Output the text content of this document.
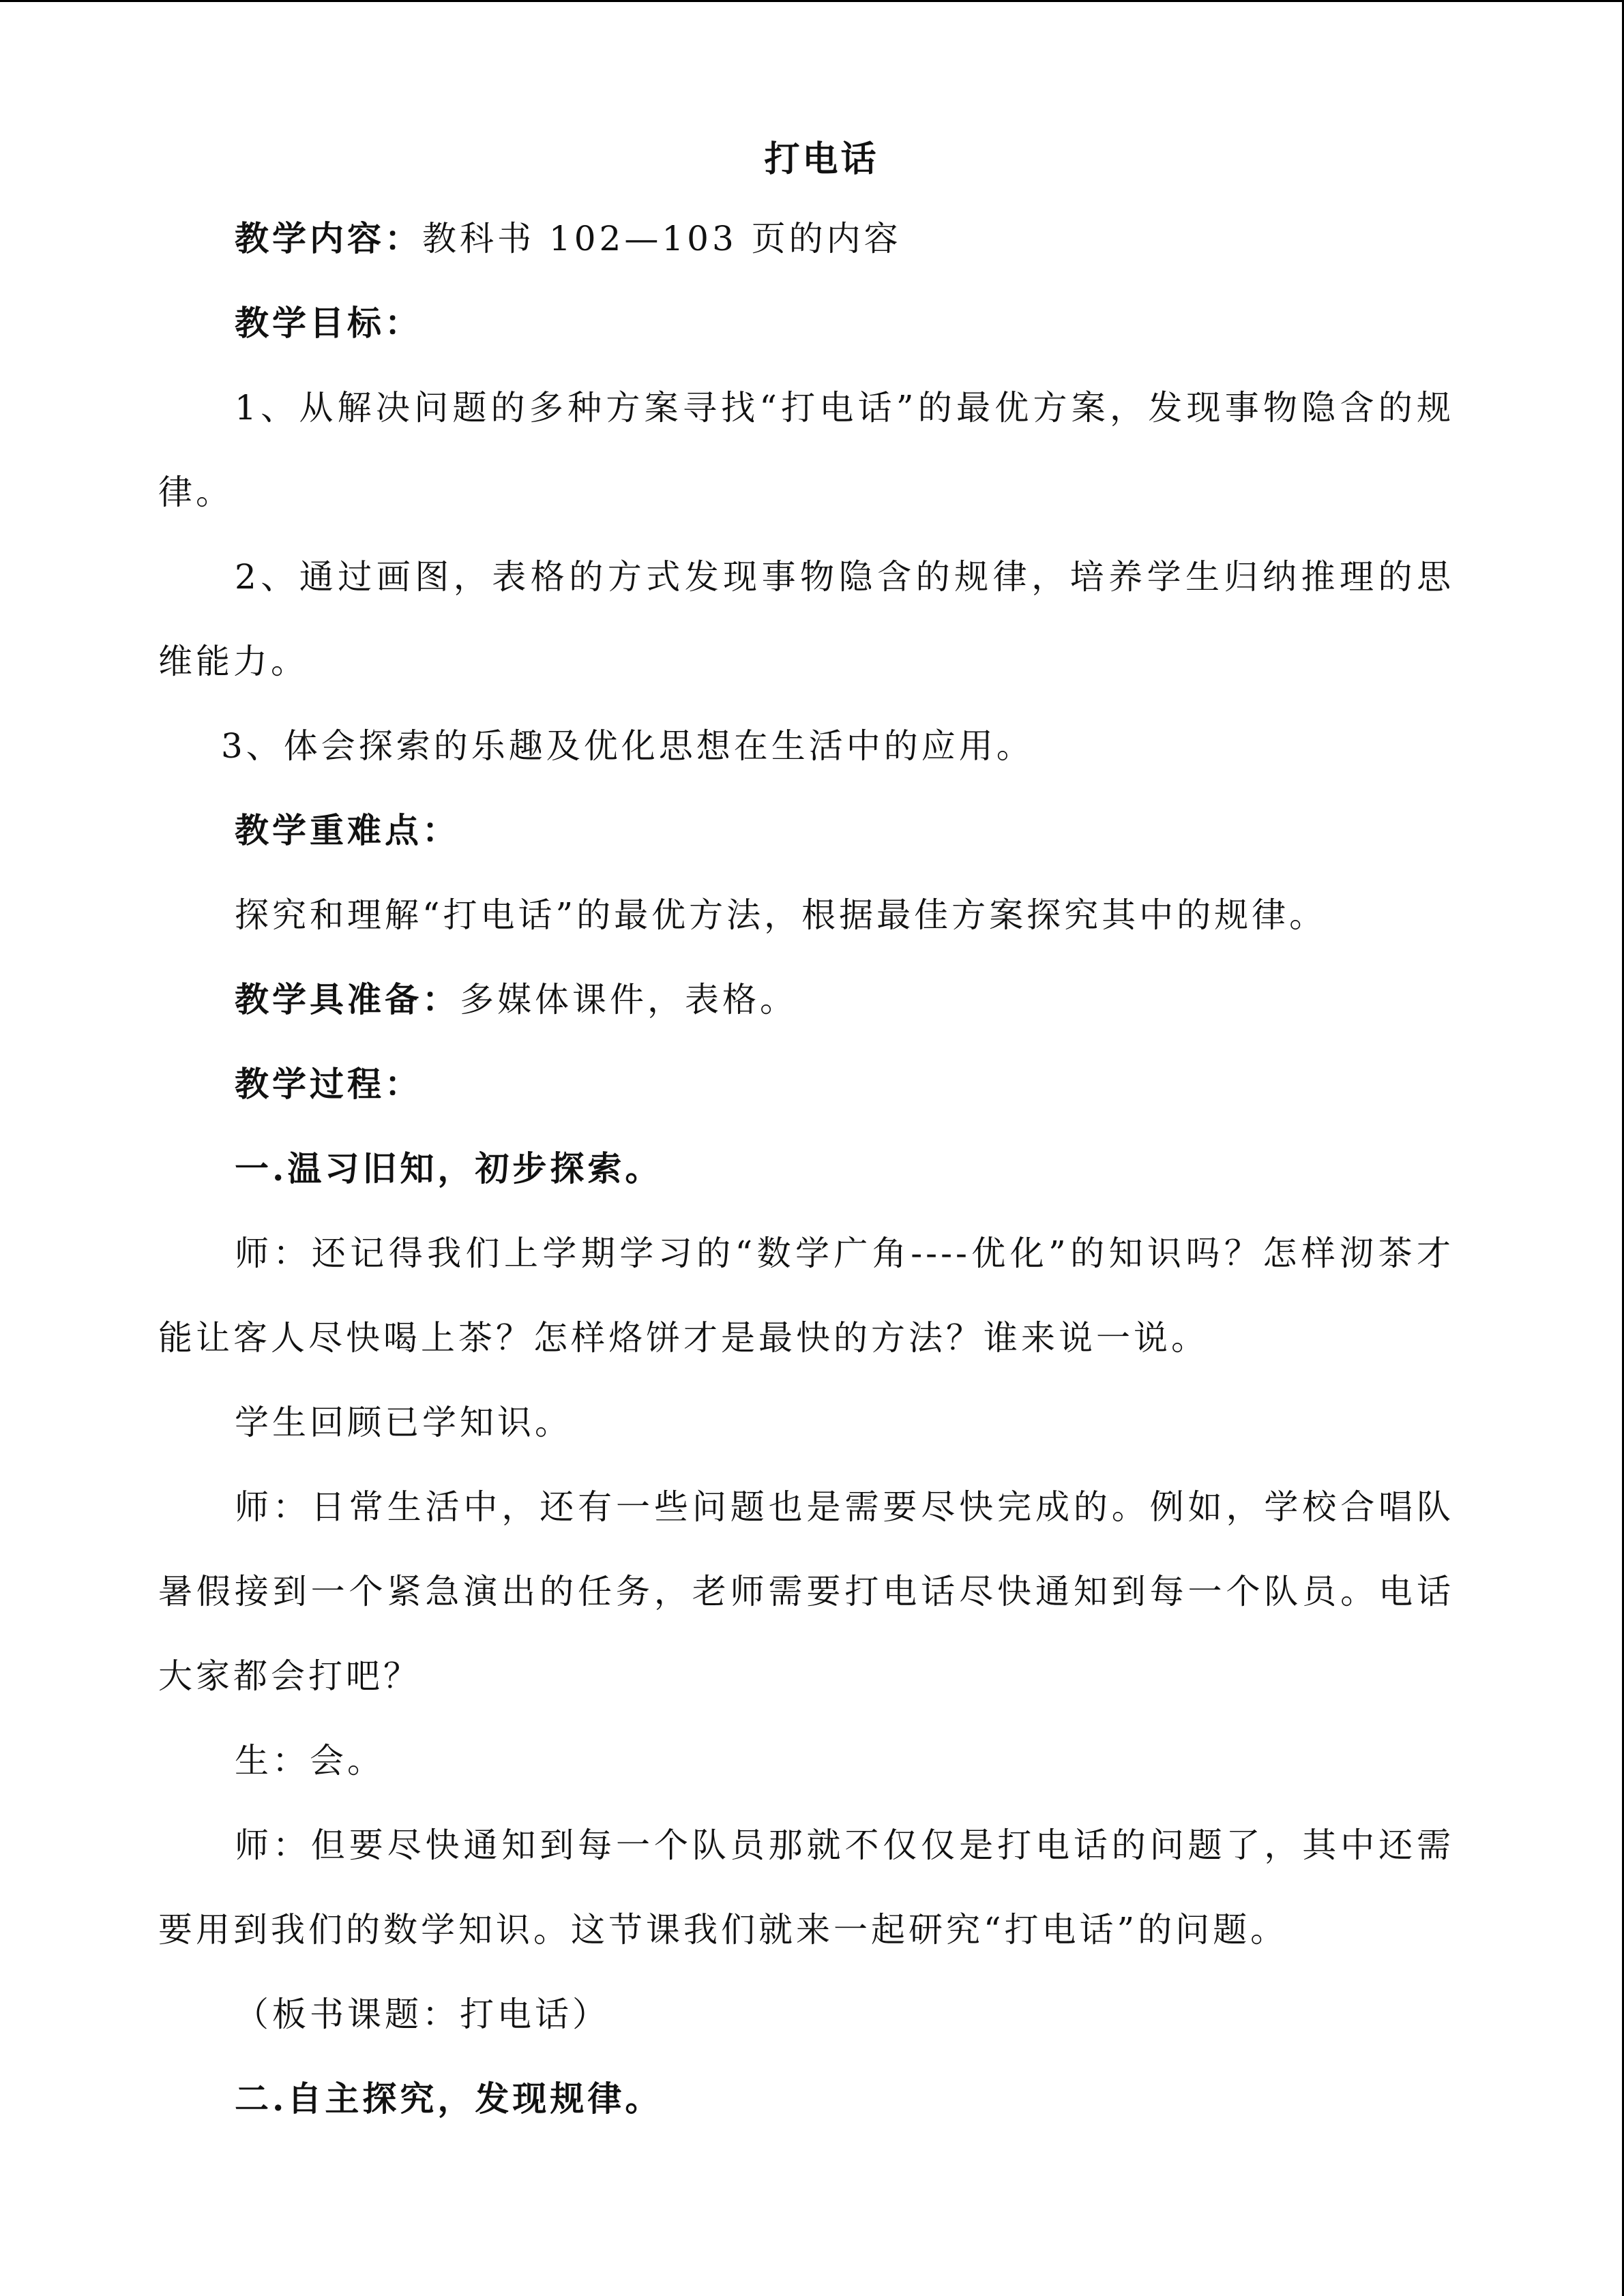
打电话
教学内容：教科书 102—103 页的内容
教学目标：

1、从解决问题的多种方案寻找“打电话”的最优方案，发现事物隐含的规律。

2、通过画图，表格的方式发现事物隐含的规律，培养学生归纳推理的思维能力。

3、体会探索的乐趣及优化思想在生活中的应用。
教学重难点：
探究和理解“打电话”的最优方法，根据最佳方案探究其中的规律。
教学具准备：多媒体课件，表格。
教学过程：
一.温习旧知，初步探索。

师：还记得我们上学期学习的“数学广角----优化”的知识吗？怎样沏茶才能让客人尽快喝上茶？怎样烙饼才是最快的方法？谁来说一说。

学生回顾已学知识。

师：日常生活中，还有一些问题也是需要尽快完成的。例如，学校合唱队暑假接到一个紧急演出的任务，老师需要打电话尽快通知到每一个队员。电话大家都会打吧？

生：会。

师：但要尽快通知到每一个队员那就不仅仅是打电话的问题了，其中还需要用到我们的数学知识。这节课我们就来一起研究“打电话”的问题。

（板书课题：打电话）
二.自主探究，发现规律。
